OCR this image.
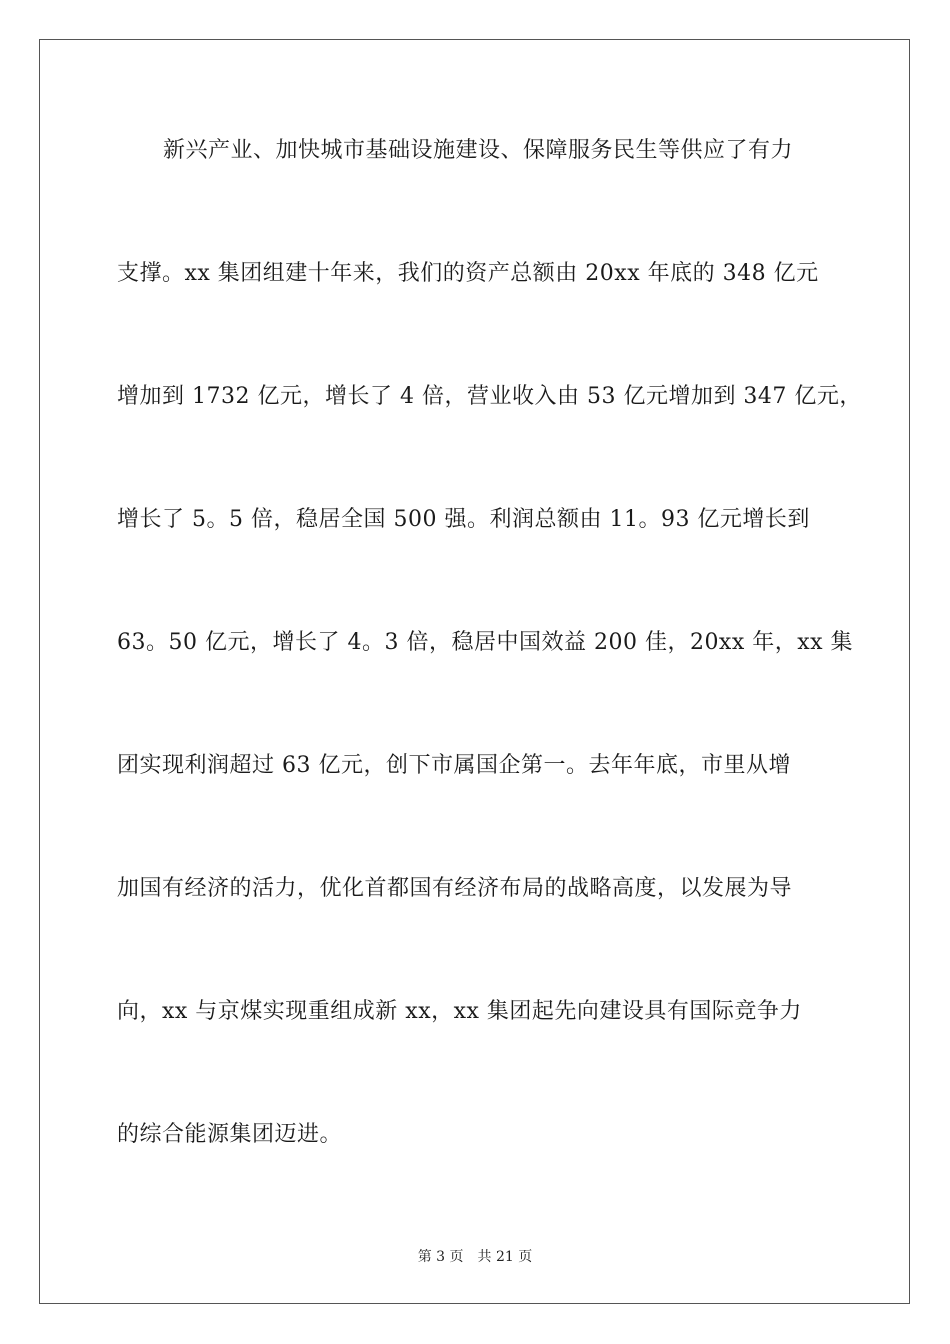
新兴产业、加快城市基础设施建设、保障服务民生等供应了有力
支撑。xx 集团组建十年来，我们的资产总额由 20xx 年底的 348 亿元
增加到 1732 亿元，增长了 4 倍，营业收入由 53 亿元增加到 347 亿元，
增长了 5。5 倍，稳居全国 500 强。利润总额由 11。93 亿元增长到
63。50 亿元，增长了 4。3 倍，稳居中国效益 200 佳，20xx 年，xx 集
团实现利润超过 63 亿元，创下市属国企第一。去年年底，市里从增
加国有经济的活力，优化首都国有经济布局的战略高度，以发展为导
向，xx 与京煤实现重组成新 xx，xx 集团起先向建设具有国际竞争力
的综合能源集团迈进。
第 3 页 共 21 页
